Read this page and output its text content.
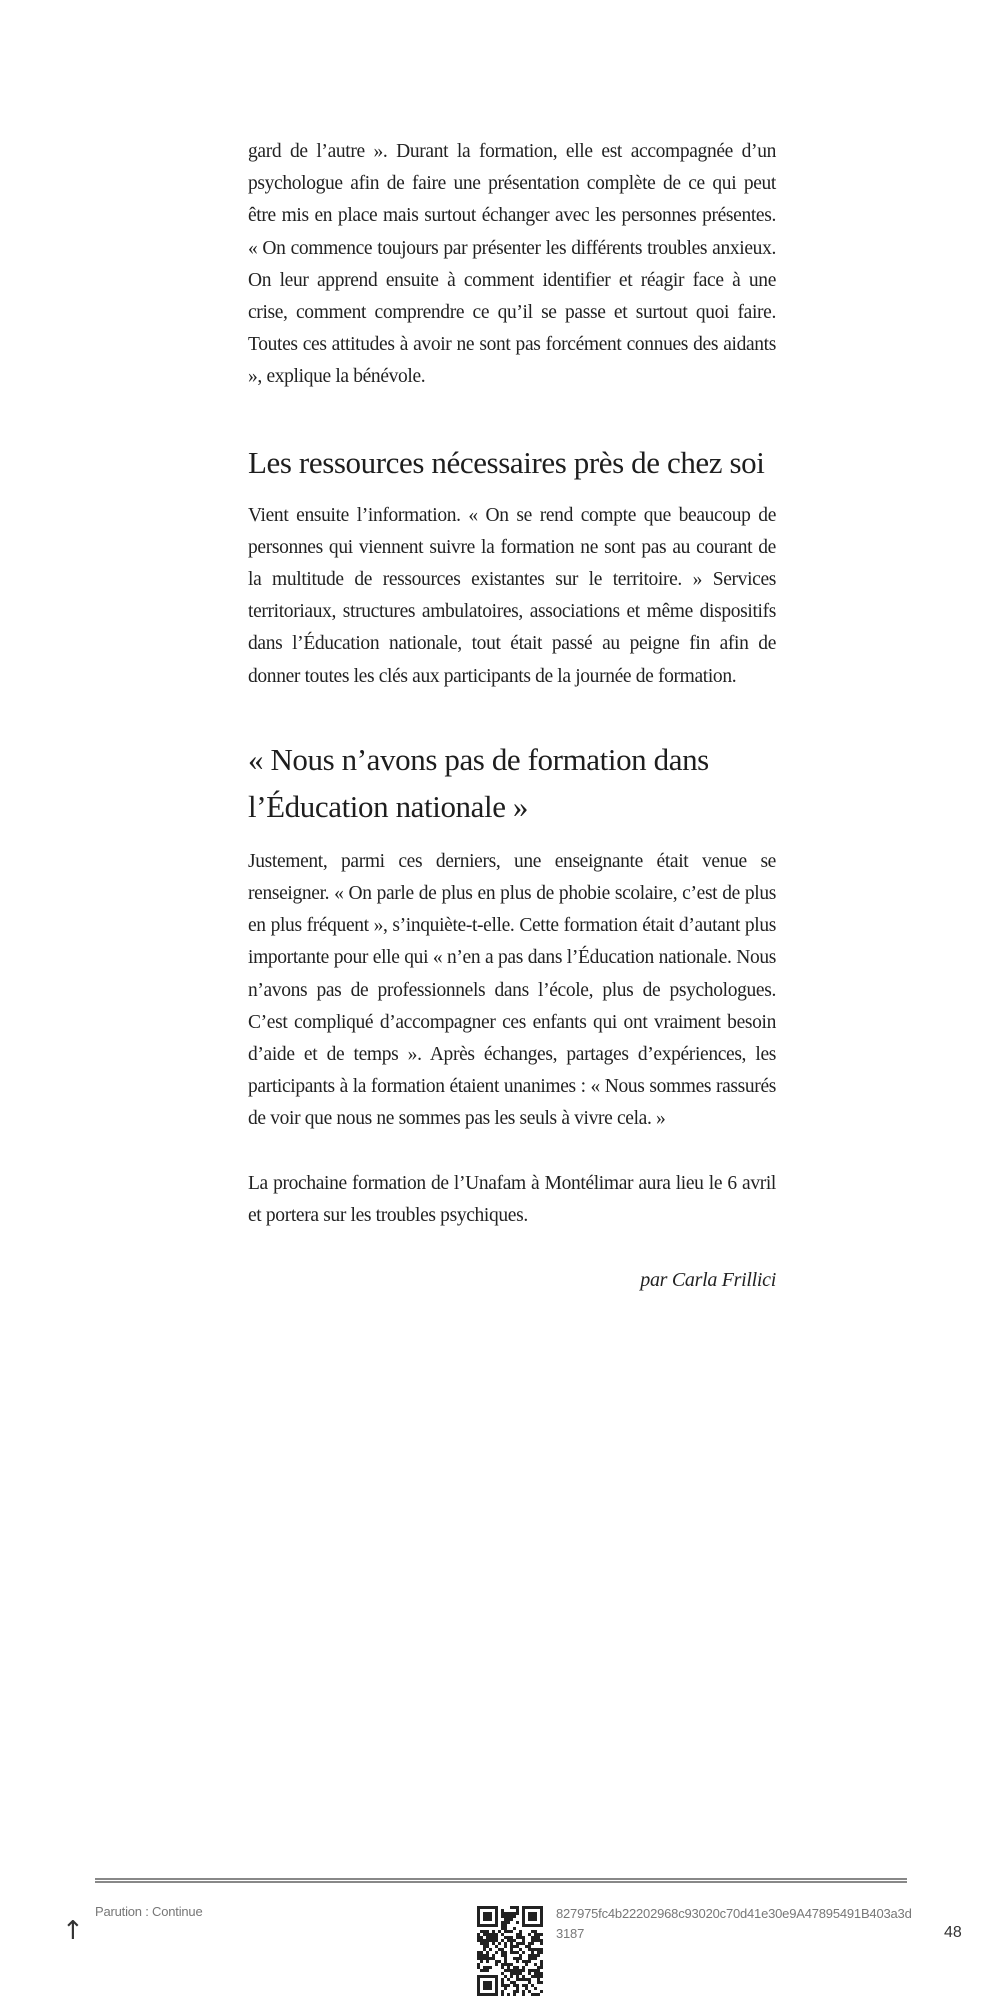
gard de l’autre ». Durant la formation, elle est accompagnée d’un psychologue afin de faire une présentation complète de ce qui peut être mis en place mais surtout échanger avec les personnes présentes. « On commence toujours par présenter les différents troubles anxieux. On leur apprend ensuite à comment identifier et réagir face à une crise, comment comprendre ce qu’il se passe et surtout quoi faire. Toutes ces attitudes à avoir ne sont pas forcément connues des aidants », explique la bénévole.

Les ressources nécessaires près de chez soi

Vient ensuite l’information. « On se rend compte que beaucoup de personnes qui viennent suivre la formation ne sont pas au courant de la multitude de ressources existantes sur le territoire. » Services territoriaux, structures ambulatoires, associations et même dispositifs dans l’Éducation nationale, tout était passé au peigne fin afin de donner toutes les clés aux participants de la journée de formation.

« Nous n’avons pas de formation dans l’Éducation nationale »

Justement, parmi ces derniers, une enseignante était venue se renseigner. « On parle de plus en plus de phobie scolaire, c’est de plus en plus fréquent », s’inquiète-t-elle. Cette formation était d’autant plus importante pour elle qui « n’en a pas dans l’Éducation nationale. Nous n’avons pas de professionnels dans l’école, plus de psychologues. C’est compliqué d’accompagner ces enfants qui ont vraiment besoin d’aide et de temps ». Après échanges, partages d’expériences, les participants à la formation étaient unanimes : « Nous sommes rassurés de voir que nous ne sommes pas les seuls à vivre cela. »

La prochaine formation de l’Unafam à Montélimar aura lieu le 6 avril et portera sur les troubles psychiques.

par Carla Frillici
↑
Parution : Continue	827975fc4b22202968c93020c70d41e30e9A47895491B403a3d3187	48
